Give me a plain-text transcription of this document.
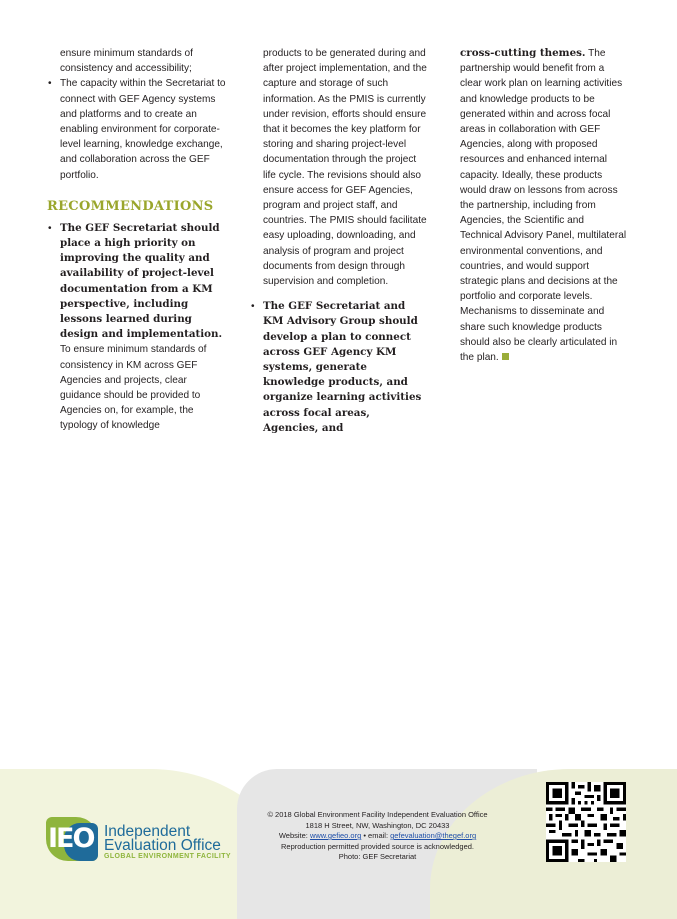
ensure minimum standards of consistency and accessibility;

• The capacity within the Secretariat to connect with GEF Agency systems and platforms and to create an enabling environment for corporate-level learning, knowledge exchange, and collaboration across the GEF portfolio.
RECOMMENDATIONS
• The GEF Secretariat should place a high priority on improving the quality and availability of project-level documentation from a KM perspective, including lessons learned during design and implementation. To ensure minimum standards of consistency in KM across GEF Agencies and projects, clear guidance should be provided to Agencies on, for example, the typology of knowledge

products to be generated during and after project implementation, and the capture and storage of such information. As the PMIS is currently under revision, efforts should ensure that it becomes the key platform for storing and sharing project-level documentation through the project life cycle. The revisions should also ensure access for GEF Agencies, program and project staff, and countries. The PMIS should facilitate easy uploading, downloading, and analysis of program and project documents from design through supervision and completion.

• The GEF Secretariat and KM Advisory Group should develop a plan to connect across GEF Agency KM systems, generate knowledge products, and organize learning activities across focal areas, Agencies, and

cross-cutting themes. The partnership would benefit from a clear work plan on learning activities and knowledge products to be generated within and across focal areas in collaboration with GEF Agencies, along with proposed resources and enhanced internal capacity. Ideally, these products would draw on lessons from across the partnership, including from Agencies, the Scientific and Technical Advisory Panel, multilateral environmental conventions, and countries, and would support strategic plans and decisions at the portfolio and corporate levels. Mechanisms to disseminate and share such knowledge products should also be clearly articulated in the plan.

IEO Independent
Evaluation Office
GLOBAL ENVIRONMENT FACILITY
© 2018 Global Environment Facility Independent Evaluation Office
1818 H Street, NW, Washington, DC 20433
Website: www.gefieo.org • email: gefevaluation@thegef.org
Reproduction permitted provided source is acknowledged.
Photo: GEF Secretariat
